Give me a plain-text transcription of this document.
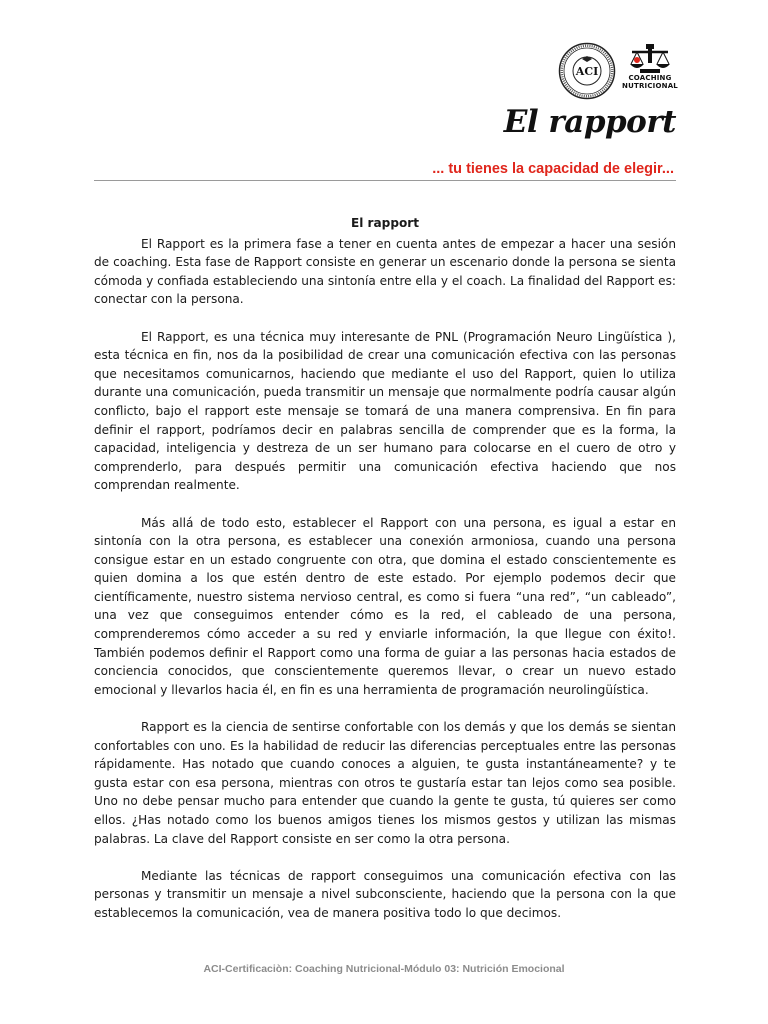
ACI	COACHING
NUTRICIONAL
El rapport
... tu tienes la capacidad de elegir...
El rapport

El Rapport es la primera fase a tener en cuenta antes de empezar a hacer una sesión de coaching. Esta fase de Rapport consiste en generar un escenario donde la persona se sienta cómoda y confiada estableciendo una sintonía entre ella y el coach. La finalidad del Rapport es: conectar con la persona.

El Rapport, es una técnica muy interesante de PNL (Programación Neuro Lingüística ), esta técnica en fin, nos da la posibilidad de crear una comunicación efectiva con las personas que necesitamos comunicarnos, haciendo que mediante el uso del Rapport, quien lo utiliza durante una comunicación, pueda transmitir un mensaje que normalmente podría causar algún conflicto, bajo el rapport este mensaje se tomará de una manera comprensiva. En fin para definir el rapport, podríamos decir en palabras sencilla de comprender que es la forma, la capacidad, inteligencia y destreza de un ser humano para colocarse en el cuero de otro y comprenderlo, para después permitir una comunicación efectiva haciendo que nos comprendan realmente.

Más allá de todo esto, establecer el Rapport con una persona, es igual a estar en sintonía con la otra persona, es establecer una conexión armoniosa, cuando una persona consigue estar en un estado congruente con otra, que domina el estado conscientemente es quien domina a los que estén dentro de este estado. Por ejemplo podemos decir que científicamente, nuestro sistema nervioso central, es como si fuera “una red”, “un cableado”, una vez que conseguimos entender cómo es la red, el cableado de una persona, comprenderemos cómo acceder a su red y enviarle información, la que llegue con éxito!. También podemos definir el Rapport como una forma de guiar a las personas hacia estados de conciencia conocidos, que conscientemente queremos llevar, o crear un nuevo estado emocional y llevarlos hacia él, en fin es una herramienta de programación neurolingüística.

Rapport es la ciencia de sentirse confortable con los demás y que los demás se sientan confortables con uno. Es la habilidad de reducir las diferencias perceptuales entre las personas rápidamente. Has notado que cuando conoces a alguien, te gusta instantáneamente? y te gusta estar con esa persona, mientras con otros te gustaría estar tan lejos como sea posible. Uno no debe pensar mucho para entender que cuando la gente te gusta, tú quieres ser como ellos. ¿Has notado como los buenos amigos tienes los mismos gestos y utilizan las mismas palabras. La clave del Rapport consiste en ser como la otra persona.

Mediante las técnicas de rapport conseguimos una comunicación efectiva con las personas y transmitir un mensaje a nivel subconsciente, haciendo que la persona con la que establecemos la comunicación, vea de manera positiva todo lo que decimos.

ACI-Certificaciòn: Coaching Nutricional-Módulo 03: Nutrición Emocional
